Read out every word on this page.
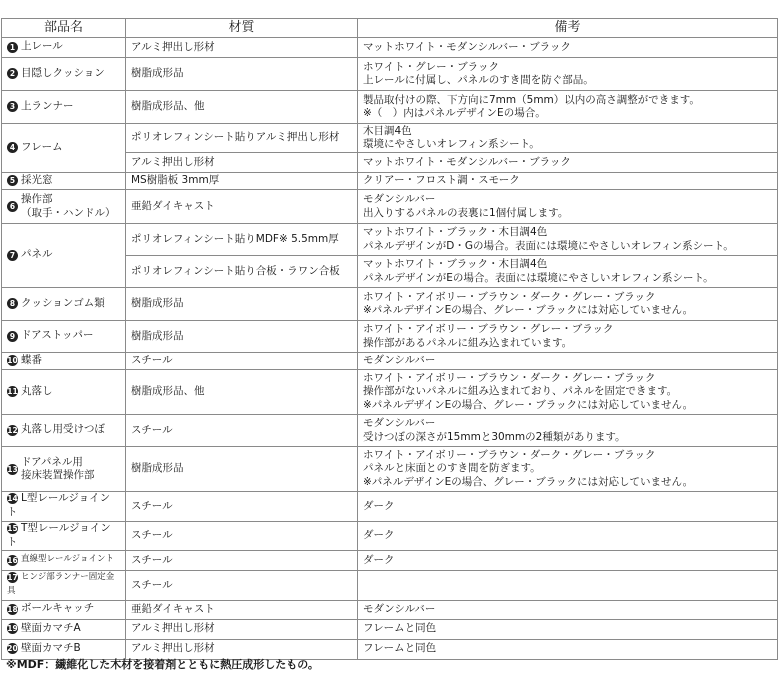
部品名	材質	備考
1 上レール	アルミ押出し形材	マットホワイト・モダンシルバー・ブラック
2 目隠しクッション	樹脂成形品	ホワイト・グレー・ブラック
上レールに付属し、パネルのすき間を防ぐ部品。
3 上ランナー	樹脂成形品、他	製品取付けの際、下方向に7mm（5mm）以内の高さ調整ができます。
※（　）内はパネルデザインEの場合。
4 フレーム	ポリオレフィンシート貼りアルミ押出し形材	木目調4色
環境にやさしいオレフィン系シート。
	アルミ押出し形材	マットホワイト・モダンシルバー・ブラック
5 採光窓	MS樹脂板 3mm厚	クリアー・フロスト調・スモーク
6操作部
（取手・ハンドル）	亜鉛ダイキャスト	モダンシルバー
出入りするパネルの表裏に1個付属します。
7 パネル	ポリオレフィンシート貼りMDF※ 5.5mm厚	マットホワイト・ブラック・木目調4色
パネルデザインがD・Gの場合。表面には環境にやさしいオレフィン系シート。
	ポリオレフィンシート貼り合板・ラワン合板	マットホワイト・ブラック・木目調4色
パネルデザインがEの場合。表面には環境にやさしいオレフィン系シート。
8 クッションゴム類	樹脂成形品	ホワイト・アイボリー・ブラウン・ダーク・グレー・ブラック
※パネルデザインEの場合、グレー・ブラックには対応していません。
9 ドアストッパー	樹脂成形品	ホワイト・アイボリー・ブラウン・グレー・ブラック
操作部があるパネルに組み込まれています。
10 蝶番	スチール	モダンシルバー
11 丸落し	樹脂成形品、他	ホワイト・アイボリー・ブラウン・ダーク・グレー・ブラック
操作部がないパネルに組み込まれており、パネルを固定できます。
※パネルデザインEの場合、グレー・ブラックには対応していません。
12 丸落し用受けつぼ	スチール	モダンシルバー
受けつぼの深さが15mmと30mmの2種類があります。
13ドアパネル用
接床装置操作部	樹脂成形品	ホワイト・アイボリー・ブラウン・ダーク・グレー・ブラック
パネルと床面とのすき間を防ぎます。
※パネルデザインEの場合、グレー・ブラックには対応していません。
14 L型レールジョイント	スチール	ダーク
15 T型レールジョイント	スチール	ダーク
16 直線型レールジョイント	スチール	ダーク
17 ヒンジ部ランナー固定金具	スチール	
18 ボールキャッチ	亜鉛ダイキャスト	モダンシルバー
19 壁面カマチA	アルミ押出し形材	フレームと同色
20 壁面カマチB	アルミ押出し形材	フレームと同色
※MDF：繊維化した木材を接着剤とともに熱圧成形したもの。
